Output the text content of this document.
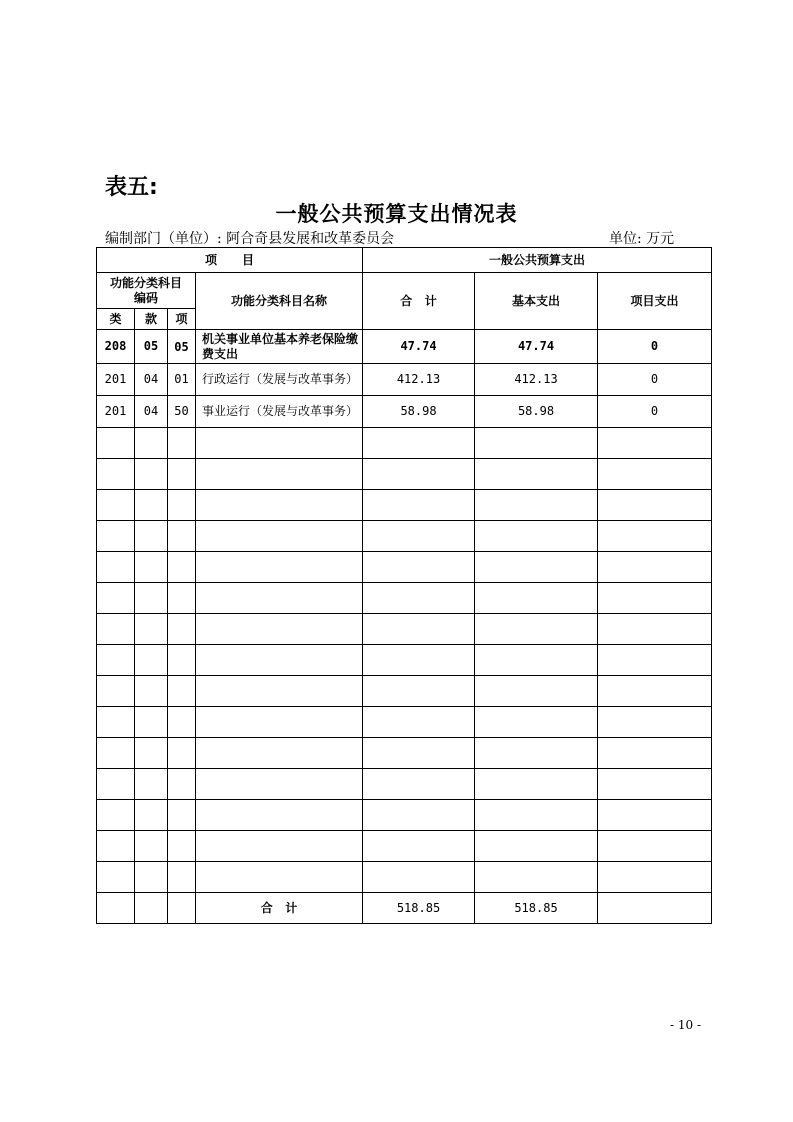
表五:
一般公共预算支出情况表
编制部门（单位）: 阿合奇县发展和改革委员会	单位: 万元
项      目				一般公共预算支出		
功能分类科目编码			功能分类科目名称	合   计	基本支出	项目支出
类	款	项				
208	05	05	机关事业单位基本养老保险缴费支出	47.74	47.74	0
201	04	01	行政运行（发展与改革事务）	412.13	412.13	0
201	04	50	事业运行（发展与改革事务）	58.98	58.98	0

			合   计	518.85	518.85	
- 10 -
